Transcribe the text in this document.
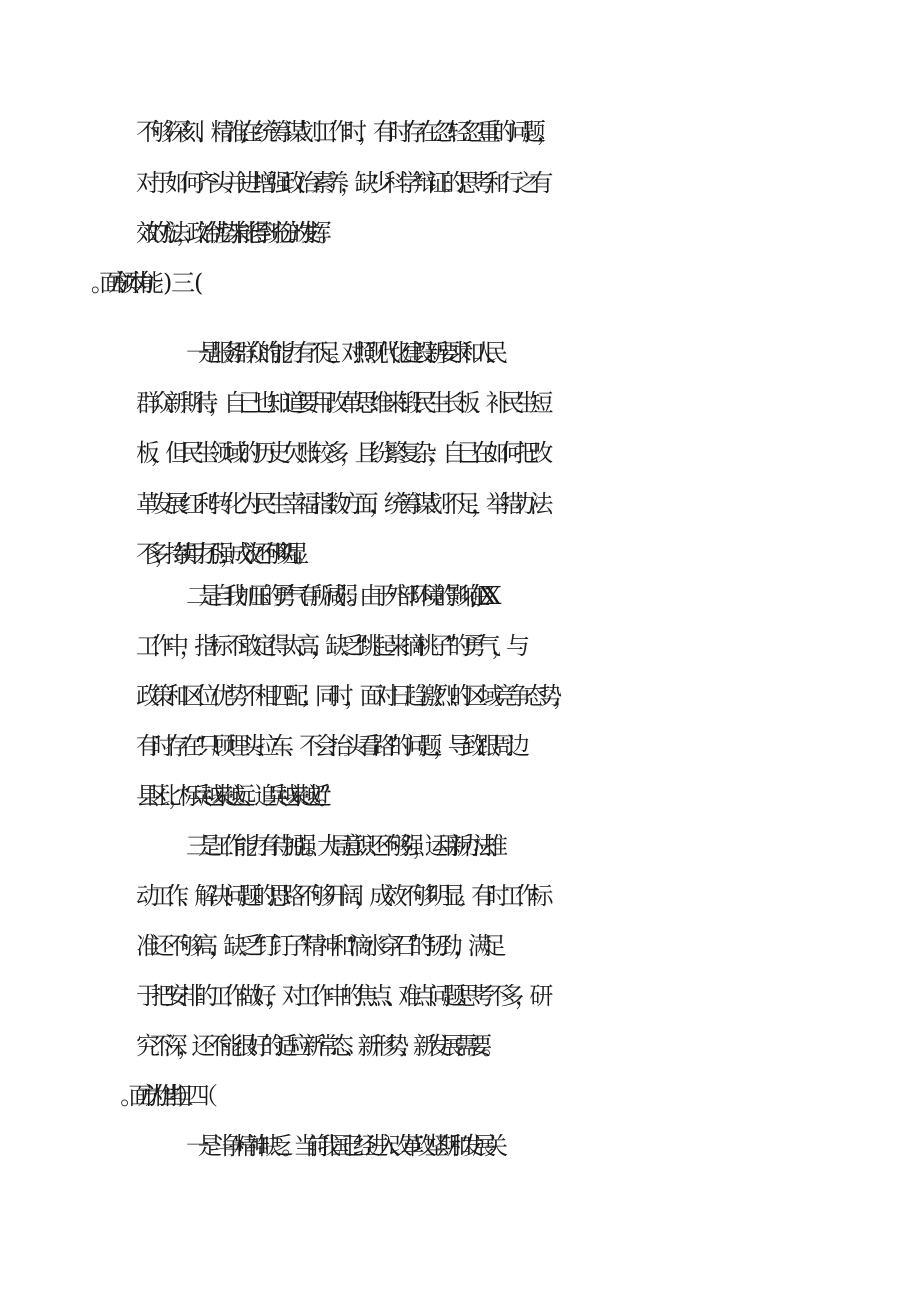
不够深刻、精准,在统筹谋划工作时，有时存在忽轻忽重的问题，

对于如何齐头并进增强政治素养，缺少科学辩证的思考和行之有

效的方法，政治优势未能得到充分的发挥。

一是服务群众的能力有不足。对照现代化建设新要求和人民

群众新期待，自己也知道要用改革思维来锻民生长板、补民生短

板，但民生领域的历史欠账较多，且纷繁复杂，自己在如何把改

革发展红利转化为民生幸福指数方面，统筹谋划不足，举措办法

不多，持续用力不强，成效还不够明显。

二是自我加压的勇气有所减弱。由于外部环境的影响,在XX

工作中，指标不敢定得太高，缺乏“跳起来摘桃子”的勇气，与

政策和区位优势不相匹配；同时，面对日趋激烈的区域竞争态势，

有时存在“只顾埋头拉车、不会抬头看路”的问题，导致跟周边

县区比，“标兵越来越远、追兵越来越近”。

三是工作能力有待加强。大局意识还不够强，运用新办法推

动工作、解决问题的思路不够开阔，成效不够明显。有时工作标

准还不够高，缺乏“钉钉子”精神和“滴水穿石”的韧劲，满足

于把安排的工作做好，对工作中的焦点、难点问题思考不多，研

究不深，还不能很好的适应新常态、新形势、新发展需要。

一是斗争精神缺乏。当前我国已经进入改革攻坚期和发展关
